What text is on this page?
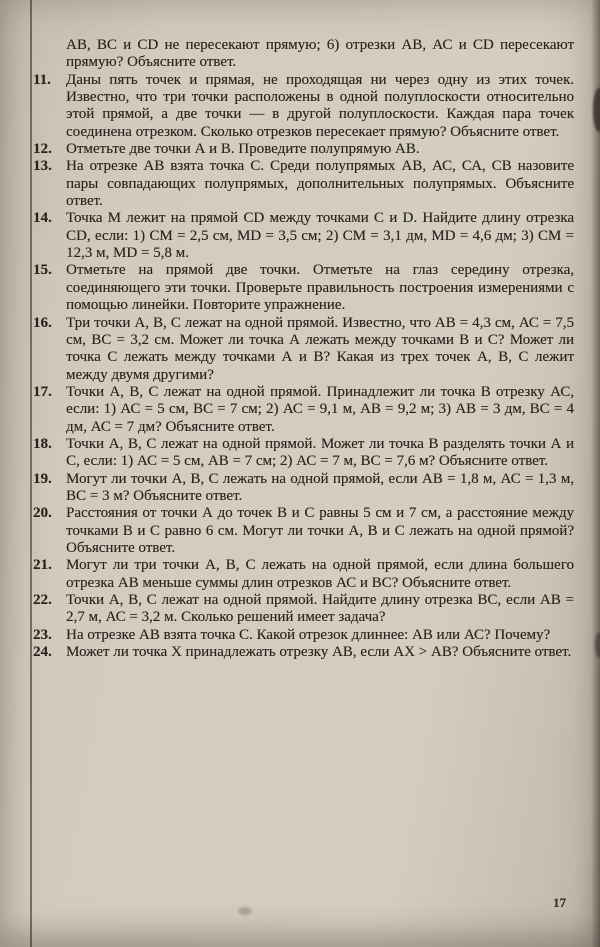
АВ, ВС и CD не пересекают прямую; 6) отрезки АВ, АС и CD пересекают прямую? Объясните ответ.
11.	Даны пять точек и прямая, не проходящая ни через одну из этих точек. Известно, что три точки расположены в одной полуплоскости относительно этой прямой, а две точки — в другой полуплоскости. Каждая пара точек соединена отрезком. Сколько отрезков пересекает прямую? Объясните ответ.
12. Отметьте две точки А и В. Проведите полупрямую АВ.
13. На отрезке АВ взята точка С. Среди полупрямых АВ, АС, СА, СВ назовите пары совпадающих полупрямых, дополнительных полупрямых. Объясните ответ.
14. Точка М лежит на прямой CD между точками С и D. Найдите длину отрезка CD, если: 1) СМ = 2,5 см, MD = 3,5 см; 2) СМ = 3,1 дм, MD = 4,6 дм; 3) СМ = 12,3 м, MD = 5,8 м.
15. Отметьте на прямой две точки. Отметьте на глаз середину отрезка, соединяющего эти точки. Проверьте правильность построения измерениями с помощью линейки. Повторите упражнение.
16. Три точки А, В, С лежат на одной прямой. Известно, что АВ = 4,3 см, АС = 7,5 см, ВС = 3,2 см. Может ли точка А лежать между точками В и С? Может ли точка С лежать между точками А и В? Какая из трех точек А, В, С лежит между двумя другими?
17. Точки А, В, С лежат на одной прямой. Принадлежит ли точка В отрезку АС, если: 1) АС = 5 см, ВС = 7 см; 2) АС = 9,1 м, АВ = 9,2 м; 3) АВ = 3 дм, ВС = 4 дм, АС = 7 дм? Объясните ответ.
18. Точки А, В, С лежат на одной прямой. Может ли точка В разделять точки А и С, если: 1) АС = 5 см, АВ = 7 см; 2) АС = 7 м, ВС = 7,6 м? Объясните ответ.
19. Могут ли точки А, В, С лежать на одной прямой, если АВ = 1,8 м, АС = 1,3 м, ВС = 3 м? Объясните ответ.
20. Расстояния от точки А до точек В и С равны 5 см и 7 см, а расстояние между точками В и С равно 6 см. Могут ли точки А, В и С лежать на одной прямой? Объясните ответ.
21. Могут ли три точки А, В, С лежать на одной прямой, если длина большего отрезка АВ меньше суммы длин отрезков АС и ВС? Объясните ответ.
22. Точки А, В, С лежат на одной прямой. Найдите длину отрезка ВС, если АВ = 2,7 м, АС = 3,2 м. Сколько решений имеет задача?
23. На отрезке АВ взята точка С. Какой отрезок длиннее: АВ или АС? Почему?
24. Может ли точка X принадлежать отрезку АВ, если АХ > АВ? Объясните ответ.
17
